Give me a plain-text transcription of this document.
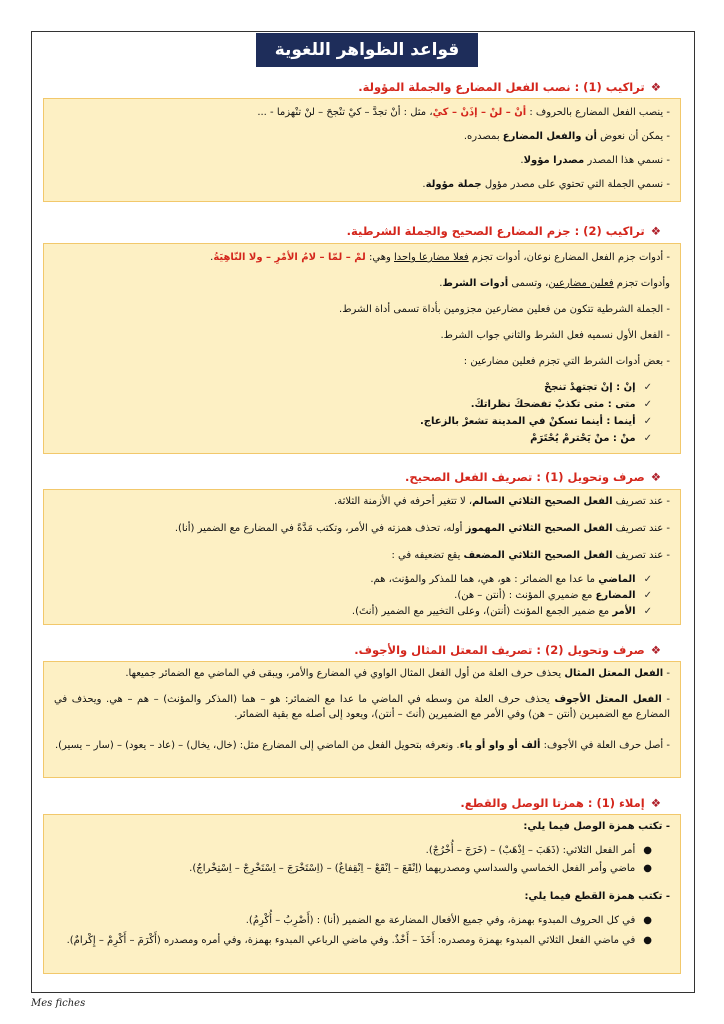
قواعد الظواهر اللغوية
❖تراكيب (1) : نصب الفعل المضارع والجملة المؤولة.
- ينصب الفعل المضارع بالحروف : أنْ – لنْ – إذَنْ – كيْ، مثل : أنْ تجدَّ – كيْ تنْجحَ – لنْ تنْهزما - ...
- يمكن أن نعوض أن والفعل المضارع بمصدره.
- نسمي هذا المصدر مصدرا مؤولا.
- نسمي الجملة التي تحتوي على مصدر مؤول جملة مؤولة.
❖تراكيب (2) : جزم المضارع الصحيح والجملة الشرطية.
- أدوات جزم الفعل المضارع نوعان، أدوات تجزم فعلا مضارعا واحدا وهي: لمْ – لمّا – لامُ الأمْرِ – ولا النّاهِيَةُ.
وأدوات تجزم فعلين مضارعين، وتسمى أدوات الشرط.
- الجملة الشرطية تتكون من فعلين مضارعين مجزومين بأداة تسمى أداة الشرط.
- الفعل الأول نسميه فعل الشرط والثاني جواب الشرط.
- بعض أدوات الشرط التي تجزم فعلين مضارعين :
✓إنْ : إنْ تجتهدْ تنجحْ
✓متى : متى تكذبْ تفضحكَ نظراتكَ.
✓أينما : أينما تسكنْ في المدينة تشعرْ بالزعاج.
✓منْ : منْ يَحْترمْ يُحْتَرَمْ
❖صرف وتحويل (1) : تصريف الفعل الصحيح.
- عند تصريف الفعل الصحيح الثلاثي السالم، لا تتغير أحرفه في الأزمنة الثلاثة.
- عند تصريف الفعل الصحيح الثلاثي المهموز أوله، تحذف همزته في الأمر، وتكتب مَدَّةً في المضارع مع الضمير (أنا).
- عند تصريف الفعل الصحيح الثلاثي المضعف يقع تضعيفه في :
✓الماضي ما عدا مع الضمائر : هو، هي، هما للمذكر والمؤنث، هم.
✓المضارع مع ضميري المؤنث : (أنتن – هن).
✓الأمر مع ضمير الجمع المؤنث (أنتن)، وعلى التخيير مع الضمير (أنتَ).
❖صرف وتحويل (2) : تصريف المعتل المثال والأجوف.
- الفعل المعتل المثال يحذف حرف العلة من أول الفعل المثال الواوي في المضارع والأمر، ويبقى في الماضي مع الضمائر جميعها.
- الفعل المعتل الأجوف يحذف حرف العلة من وسطه في الماضي ما عدا مع الضمائر: هو – هما (المذكر والمؤنث) – هم – هي. ويحذف في المضارع مع الضميرين (أنتن – هن) وفي الأمر مع الضميرين (أنتَ – أنتن)، ويعود إلى أصله مع بقية الضمائر.
- أصل حرف العلة في الأجوف: ألف أو واو أو ياء. ونعرفه بتحويل الفعل من الماضي إلى المضارع مثل: (خال، يخال) – (عاد – يعود) – (سار – يسير).
❖إملاء (1) : همزتا الوصل والقطع.
- تكتب همزة الوصل فيما يلي:
●أمر الفعل الثلاثي: (ذَهَبَ – اِذْهَبْ) – (خَرَجَ – أُخْرُجْ).
●ماضي وأمر الفعل الخماسي والسداسي ومصدريهما (اِنْقَعَ – اِنْقَعْ – اِنْقِفاعٌ) – (اِسْتَخْرَجَ – اِسْتَخْرِجْ – اِسْتِخْراجٌ).
- تكتب همزة القطع فيما يلي:
●في كل الحروف المبدوء بهمزة، وفي جميع الأفعال المضارعة مع الضمير (أنا) : (أَضْرِبُ – أُكْرِمُ).
●في ماضي الفعل الثلاثي المبدوء بهمزة ومصدره: أَخَذَ – أَخْذٌ. وفي ماضي الرباعي المبدوء بهمزة، وفي أمره ومصدره (أَكْرَمَ – أَكْرِمْ – إِكْرامٌ).
Mes fiches
